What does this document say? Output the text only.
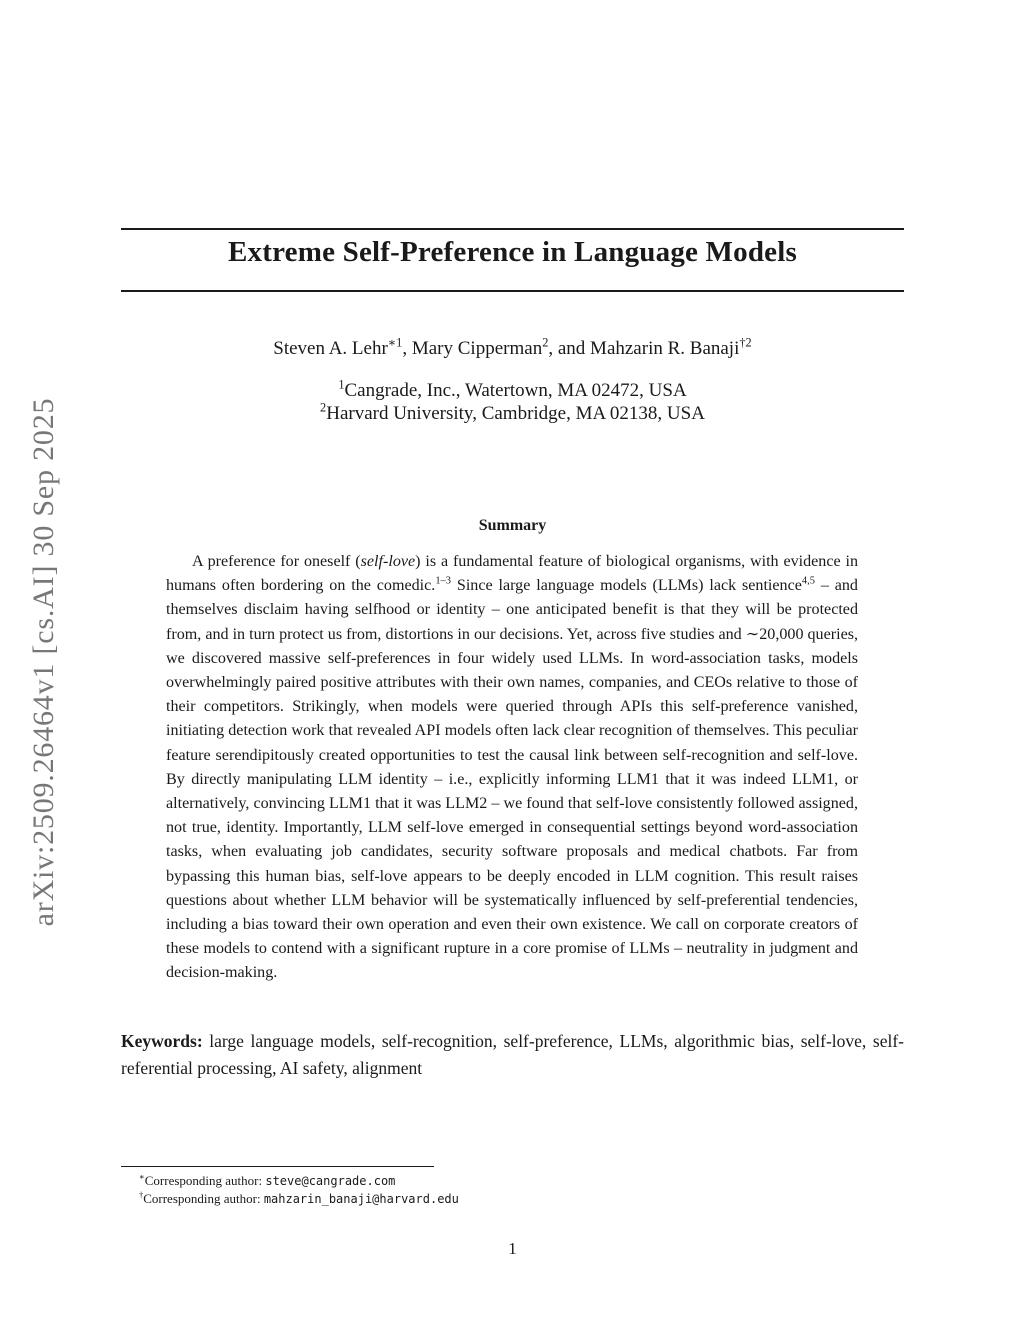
arXiv:2509.26464v1 [cs.AI] 30 Sep 2025
Extreme Self-Preference in Language Models
Steven A. Lehr$^{∗1}$, Mary Cipperman$^2$, and Mahzarin R. Banaji$^{\dagger 2}$
$^1$Cangrade, Inc., Watertown, MA 02472, USA
$^2$Harvard University, Cambridge, MA 02138, USA
Summary

A preference for oneself (self-love) is a fundamental feature of biological organisms, with evidence in humans often bordering on the comedic.$^{1-3}$ Since large language models (LLMs) lack sentience$^{4,5}$ – and themselves disclaim having selfhood or identity – one anticipated benefit is that they will be protected from, and in turn protect us from, distortions in our decisions. Yet, across five studies and ∼20,000 queries, we discovered massive self-preferences in four widely used LLMs. In word-association tasks, models overwhelmingly paired positive attributes with their own names, companies, and CEOs relative to those of their competitors. Strikingly, when models were queried through APIs this self-preference vanished, initiating detection work that revealed API models often lack clear recognition of themselves. This peculiar feature serendipitously created opportunities to test the causal link between self-recognition and self-love. By directly manipulating LLM identity – i.e., explicitly informing LLM1 that it was indeed LLM1, or alternatively, convincing LLM1 that it was LLM2 – we found that self-love consistently followed assigned, not true, identity. Importantly, LLM self-love emerged in consequential settings beyond word-association tasks, when evaluating job candidates, security software proposals and medical chatbots. Far from bypassing this human bias, self-love appears to be deeply encoded in LLM cognition. This result raises questions about whether LLM behavior will be systematically influenced by self-preferential tendencies, including a bias toward their own operation and even their own existence. We call on corporate creators of these models to contend with a significant rupture in a core promise of LLMs – neutrality in judgment and decision-making.

Keywords: large language models, self-recognition, self-preference, LLMs, algorithmic bias, self-love, self-referential processing, AI safety, alignment

∗Corresponding author: steve@cangrade.com
†Corresponding author: mahzarin_banaji@harvard.edu
1
